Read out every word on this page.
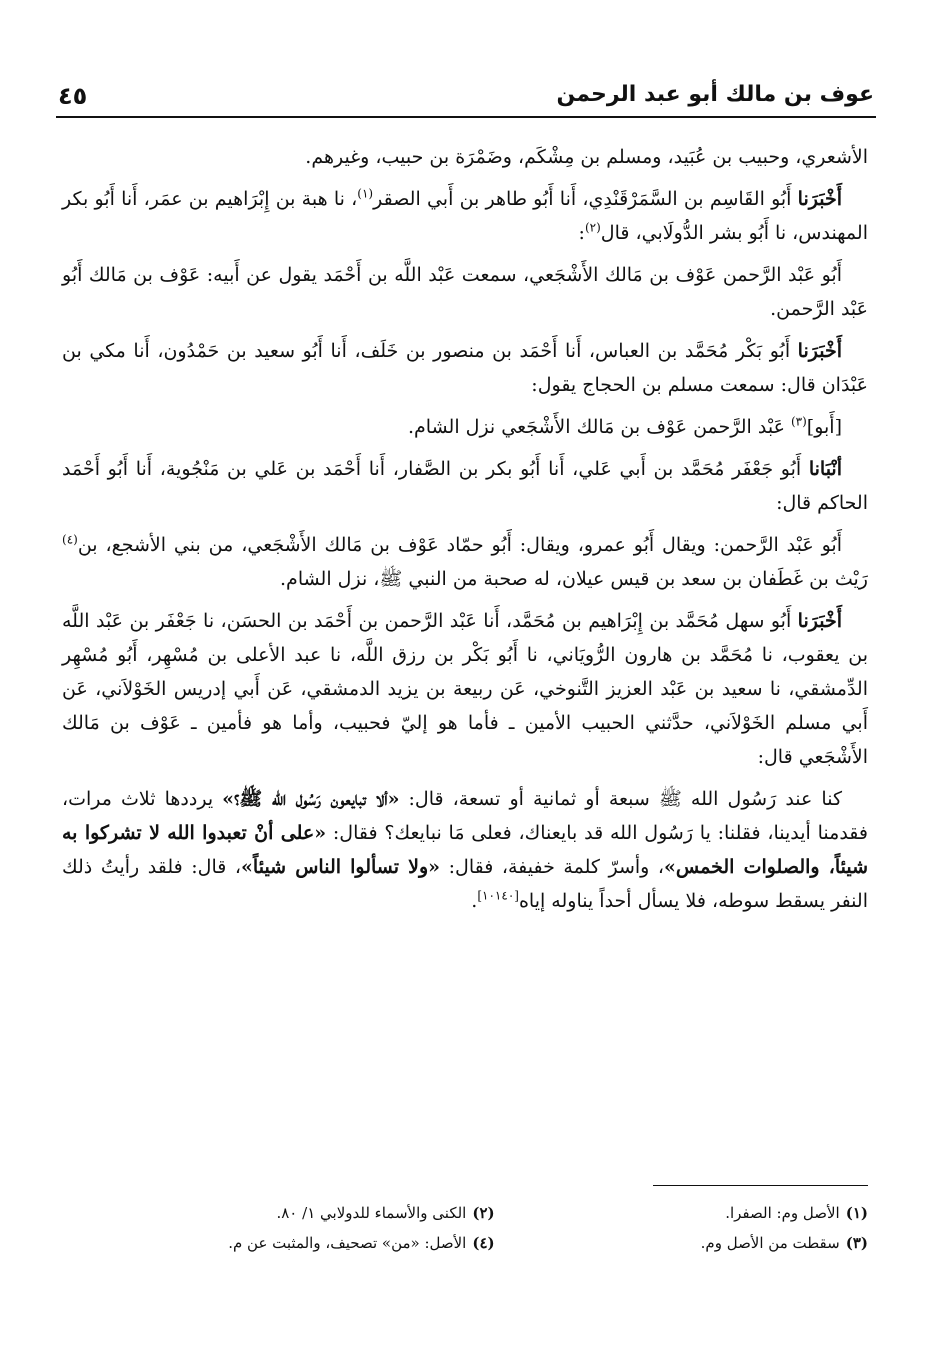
عوف بن مالك أبو عبد الرحمن
٤٥

الأشعري، وحبيب بن عُبَيد، ومسلم بن مِشْكَم، وضَمْرَة بن حبيب، وغيرهم.

أَخْبَرَنا أَبُو القَاسِم بن السَّمَرْقَنْدِي، أَنا أَبُو طاهر بن أَبي الصقر$^{(١)}$، نا هبة بن إِبْرَاهيم بن عمَر، أَنا أَبُو بكر المهندس، نا أَبُو بشر الدُّولَابي، قال$^{(٢)}$:

أَبُو عَبْد الرَّحمن عَوْف بن مَالك الأَشْجَعي، سمعت عَبْد اللَّه بن أَحْمَد يقول عن أَبيه: عَوْف بن مَالك أَبُو عَبْد الرَّحمن.

أَخْبَرَنا أَبُو بَكْر مُحَمَّد بن العباس، أَنا أَحْمَد بن منصور بن خَلَف، أَنا أَبُو سعيد بن حَمْدُون، أَنا مكي بن عَبْدَان قال: سمعت مسلم بن الحجاج يقول:

[أَبو]$^{(٣)}$ عَبْد الرَّحمن عَوْف بن مَالك الأَشْجَعي نزل الشام.

أنْبَانا أَبُو جَعْفَر مُحَمَّد بن أَبي عَلي، أَنا أَبُو بكر بن الصَّفار، أَنا أَحْمَد بن عَلي بن مَنْجُوية، أَنا أَبُو أَحْمَد الحاكم قال:

أَبُو عَبْد الرَّحمن: ويقال أَبُو عمرو، ويقال: أَبُو حمّاد عَوْف بن مَالك الأَشْجَعي، من بني الأشجع، بن$^{(٤)}$ رَيْث بن غَطَفان بن سعد بن قيس عيلان، له صحبة من النبي ﷺ، نزل الشام.

أَخْبَرَنا أَبُو سهل مُحَمَّد بن إِبْرَاهيم بن مُحَمَّد، أَنا عَبْد الرَّحمن بن أَحْمَد بن الحسَن، نا جَعْفَر بن عَبْد اللَّه بن يعقوب، نا مُحَمَّد بن هارون الرُّويَاني، نا أَبُو بَكْر بن رزق اللَّه، نا عبد الأعلى بن مُسْهِر، أَبُو مُسْهِر الدِّمشقي، نا سعيد بن عَبْد العزيز التَّنوخي، عَن ربيعة بن يزيد الدمشقي، عَن أَبي إدريس الخَوْلاَني، عَن أَبي مسلم الخَوْلاَني، حدَّثني الحبيب الأمين ـ فأما هو إليّ فحبيب، وأما هو فأمين ـ عَوْف بن مَالك الأَشْجَعي قال:

كنا عند رَسُول الله ﷺ سبعة أو ثمانية أو تسعة، قال: «ألا تبايعون رَسُول الله ﷺ؟» يرددها ثلاث مرات، فقدمنا أيدينا، فقلنا: يا رَسُول الله قد بايعناك، فعلى مَا نبايعك؟ فقال: «على أنْ تعبدوا الله لا تشركوا به شيئاً، والصلوات الخمس»، وأسرّ كلمة خفيفة، فقال: «ولا تسألوا الناس شيئاً»، قال: فلقد رأيتُ ذلك النفر يسقط سوطه، فلا يسأل أحداً يناوله إياه[١٠١٤٠].

(١)الأصل وم: الصفرا.
(٢)الكنى والأسماء للدولابي ١/ ٨٠.
(٣)سقطت من الأصل وم.
(٤)الأصل: «من» تصحيف، والمثبت عن م.
